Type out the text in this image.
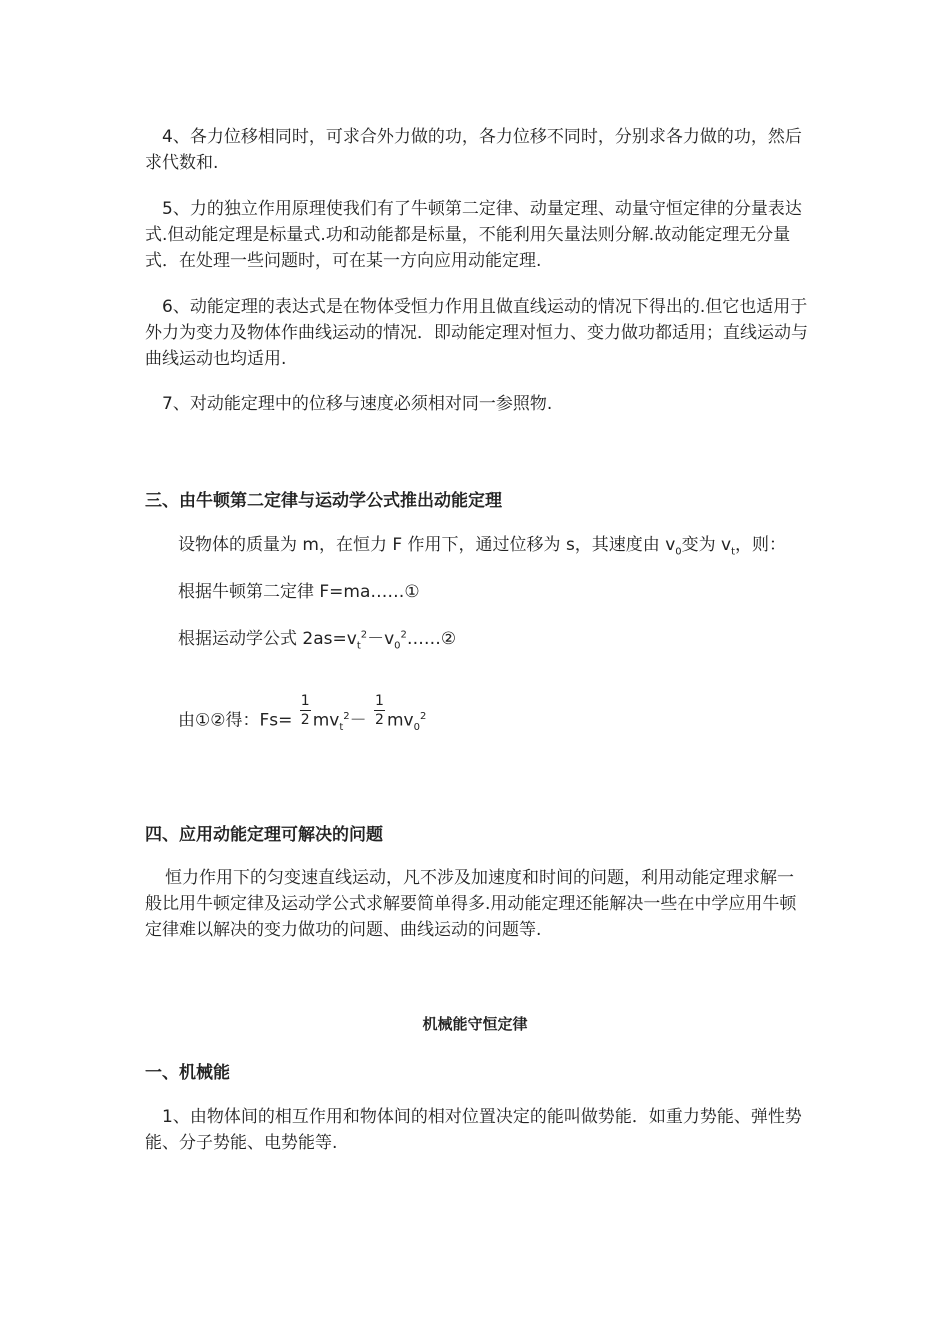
4、各力位移相同时，可求合外力做的功，各力位移不同时，分别求各力做的功，然后求代数和.

5、力的独立作用原理使我们有了牛顿第二定律、动量定理、动量守恒定律的分量表达式.但动能定理是标量式.功和动能都是标量，不能利用矢量法则分解.故动能定理无分量式．在处理一些问题时，可在某一方向应用动能定理.

6、动能定理的表达式是在物体受恒力作用且做直线运动的情况下得出的.但它也适用于外力为变力及物体作曲线运动的情况．即动能定理对恒力、变力做功都适用；直线运动与曲线运动也均适用.

7、对动能定理中的位移与速度必须相对同一参照物.

三、由牛顿第二定律与运动学公式推出动能定理

设物体的质量为 m，在恒力 F 作用下，通过位移为 s，其速度由 $v_0$变为 $v_t$，则：

根据牛顿第二定律 F=ma……①

根据运动学公式 $2as=v_t^2-v_0^2\dots\dots ②$

由①②得：$Fs= \frac{1}{2} mv_t^2- \frac{1}{2} mv_0^2$

四、应用动能定理可解决的问题

恒力作用下的匀变速直线运动，凡不涉及加速度和时间的问题，利用动能定理求解一般比用牛顿定律及运动学公式求解要简单得多.用动能定理还能解决一些在中学应用牛顿定律难以解决的变力做功的问题、曲线运动的问题等.

机械能守恒定律

一、机械能

1、由物体间的相互作用和物体间的相对位置决定的能叫做势能．如重力势能、弹性势能、分子势能、电势能等.
